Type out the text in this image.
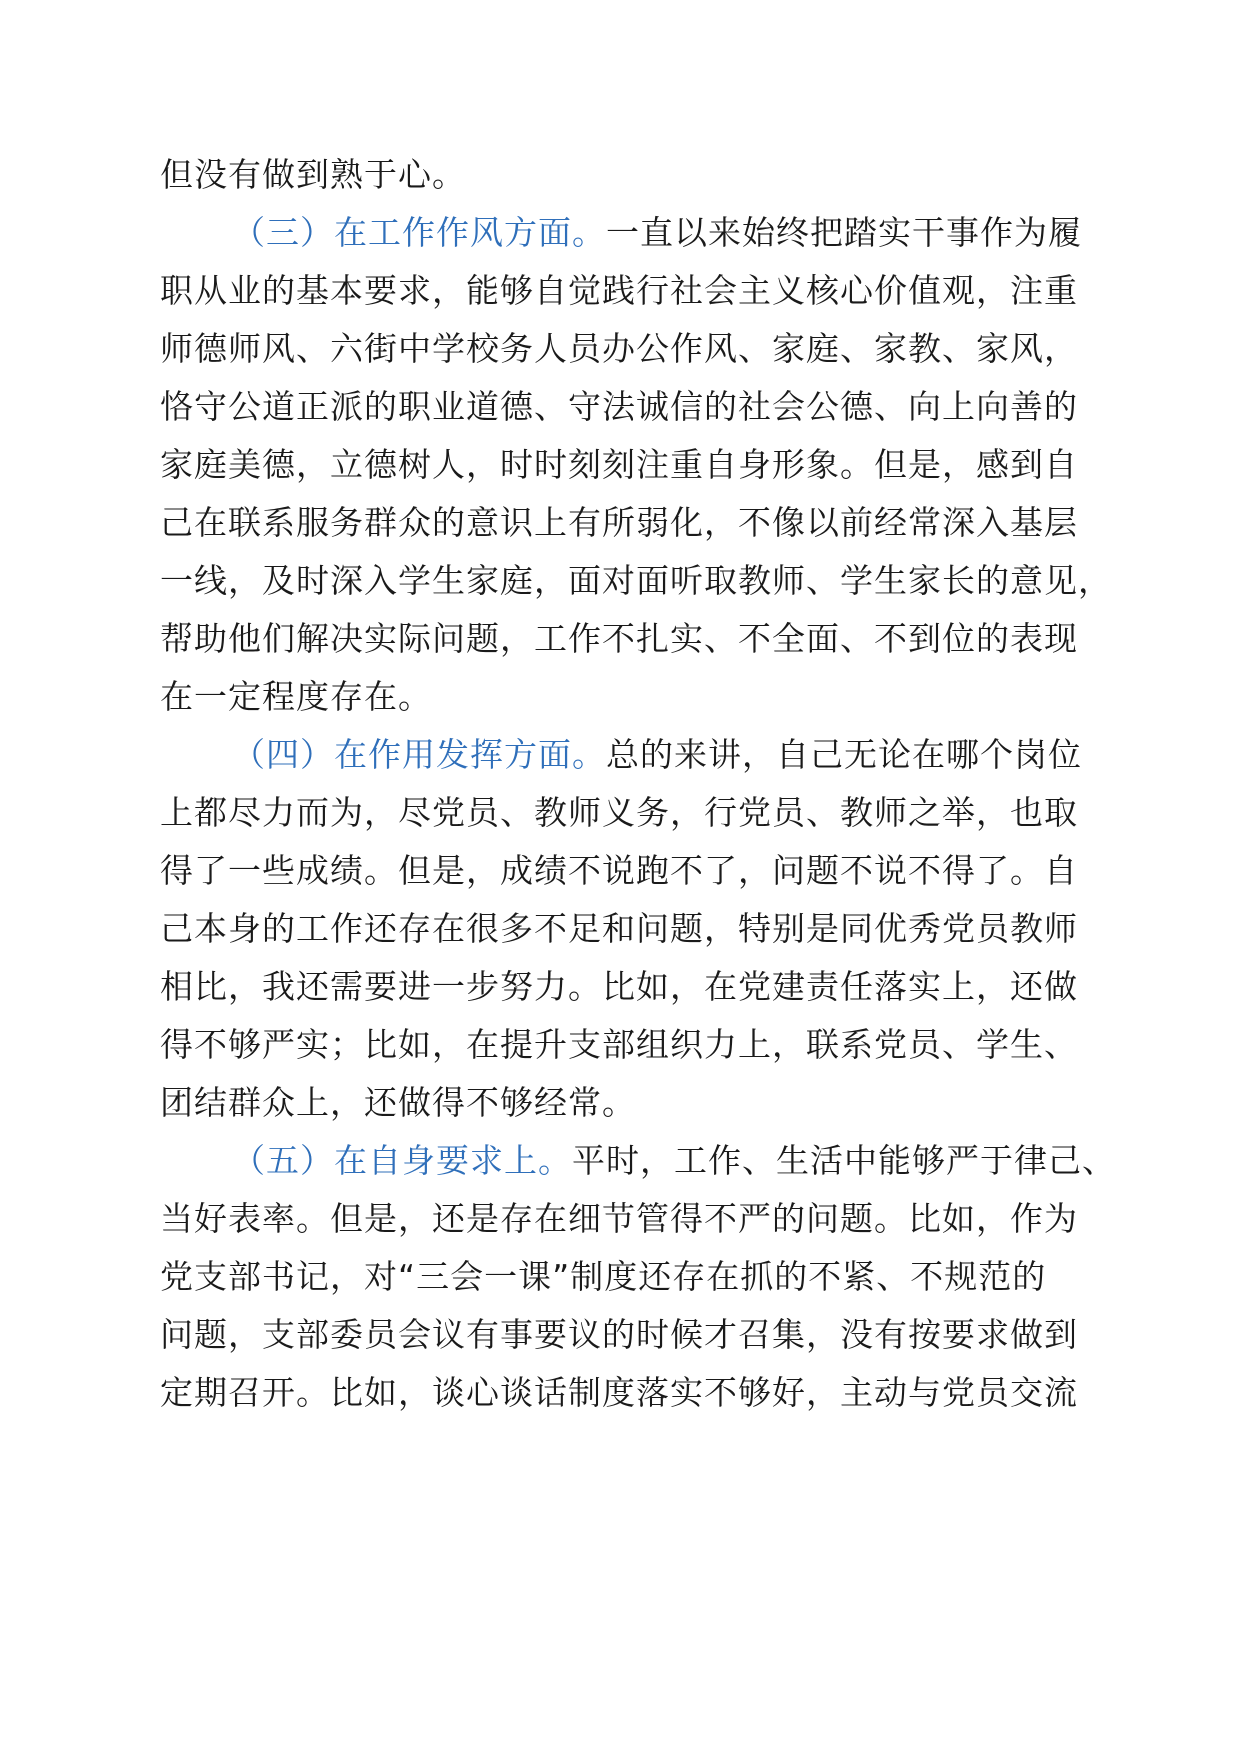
但没有做到熟于心。
（三）在工作作风方面。一直以来始终把踏实干事作为履
职从业的基本要求，能够自觉践行社会主义核心价值观，注重
师德师风、六街中学校务人员办公作风、家庭、家教、家风，
恪守公道正派的职业道德、守法诚信的社会公德、向上向善的
家庭美德，立德树人，时时刻刻注重自身形象。但是，感到自
己在联系服务群众的意识上有所弱化，不像以前经常深入基层
一线，及时深入学生家庭，面对面听取教师、学生家长的意见，
帮助他们解决实际问题，工作不扎实、不全面、不到位的表现
在一定程度存在。
（四）在作用发挥方面。总的来讲，自己无论在哪个岗位
上都尽力而为，尽党员、教师义务，行党员、教师之举，也取
得了一些成绩。但是，成绩不说跑不了，问题不说不得了。自
己本身的工作还存在很多不足和问题，特别是同优秀党员教师
相比，我还需要进一步努力。比如，在党建责任落实上，还做
得不够严实；比如，在提升支部组织力上，联系党员、学生、
团结群众上，还做得不够经常。
（五）在自身要求上。平时，工作、生活中能够严于律己、
当好表率。但是，还是存在细节管得不严的问题。比如，作为
党支部书记，对“三会一课”制度还存在抓的不紧、不规范的
问题，支部委员会议有事要议的时候才召集，没有按要求做到
定期召开。比如，谈心谈话制度落实不够好，主动与党员交流
